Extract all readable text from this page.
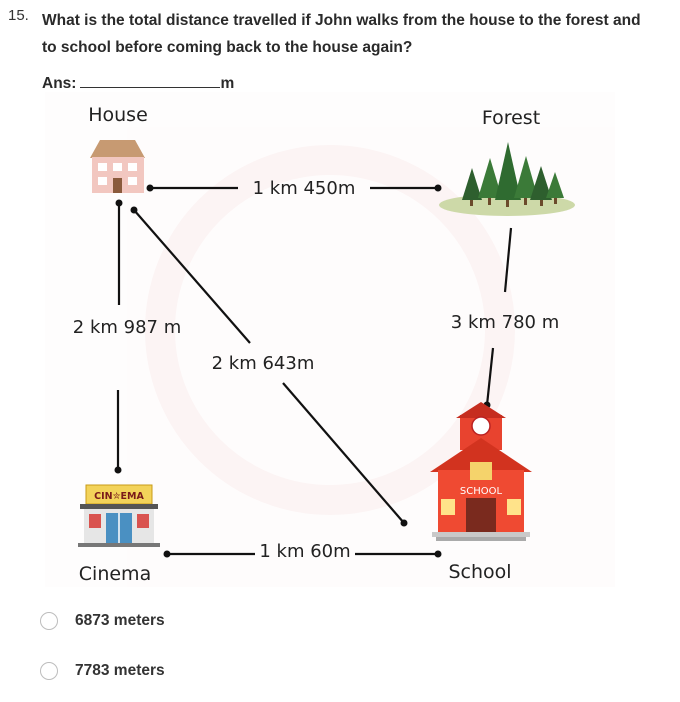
15. What is the total distance travelled if John walks from the house to the forest and
to school before coming back to the house again?
Ans:	m
CIN✮EMA	SCHOOL
House	Forest
Cinema	School
1 km 450m
3 km 780 m
2 km 643m
2 km 987 m
1 km 60m
6873 meters
7783 meters
